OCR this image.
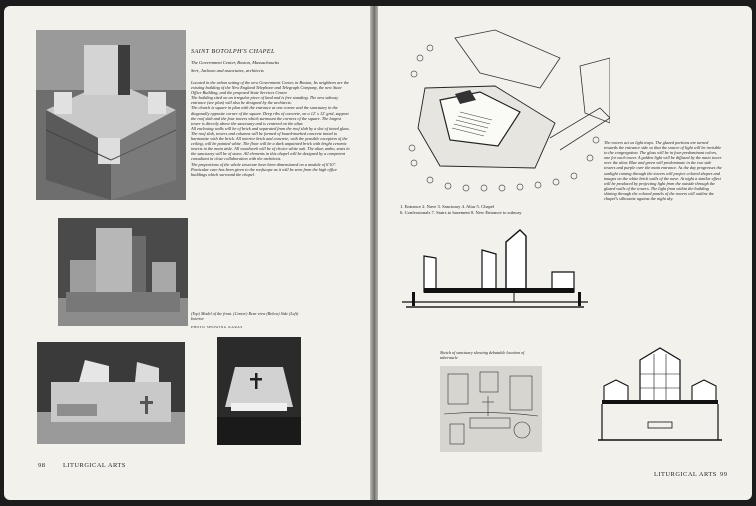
SAINT BOTOLPH'S CHAPEL
The Government Center, Boston, Massachusetts
Sert, Jackson and associates, architects

Located in the urban setting of the new Government Center, in Boston, Its neighbors are the existing building of the New England Telephone and Telegraph Company, the new State Office Building, and the proposed State Services Center.

The building sited on an irregular piece of land and is free standing. The new subway entrance (see plan) will also be designed by the architects.

The church is square in plan with the entrance at one corner and the sanctuary in the diagonally opposite corner of the square. Deep ribs of concrete, on a 12' x 12' grid, support the roof slab and the four towers which surmount the corners of the square. The largest tower is directly above the sanctuary and is centered on the altar.

All enclosing walls will be of brick and separated from the roof slab by a slot of tinted glass. The roof slab, towers and columns will be formed of board-marked concrete tinted to harmonize with the brick. All interior brick and concrete, with the possible exception of the ceiling, will be painted white. The floor will be a dark unpainted brick with bright ceramic inserts in the main aisle. All woodwork will be of choice white oak. The altar, ambo, seats in the sanctuary will be of stone. All elements in this chapel will be designed by a competent consultant in close collaboration with the architects.

The proportions of the whole structure have been dimensioned on a module of 6'10". Particular care has been given to the roofscape as it will be seen from the high office buildings which surround the chapel.

(Top) Model of the front. (Center) Rear view (Below) Side (Left) Interior
PHOTO SHOWING KARAS
98	LITURGICAL ARTS
1. Entrance 2. Nave 3. Sanctuary 4. Altar 5. Chapel
6. Confessionals 7. Stairs to basement 8. New Entrance to subway
The towers act as light traps. The glazed portions are turned towards the entrance side so that the source of light will be invisible to the congregation. The glass will be in four predominant colors, one for each tower. A golden light will be diffused by the main tower over the altar. Blue and green will predominate in the two side towers and purple over the main entrance. As the day progresses the sunlight coming through the towers will project colored shapes and images on the white brick walls of the nave. At night a similar effect will be produced by projecting light from the outside through the glazed walls of the towers. The light from within the building shining through the colored panels of the towers will outline the chapel's silhouette against the night sky.
Sketch of sanctuary showing debatable location of tabernacle
LITURGICAL ARTS 99
